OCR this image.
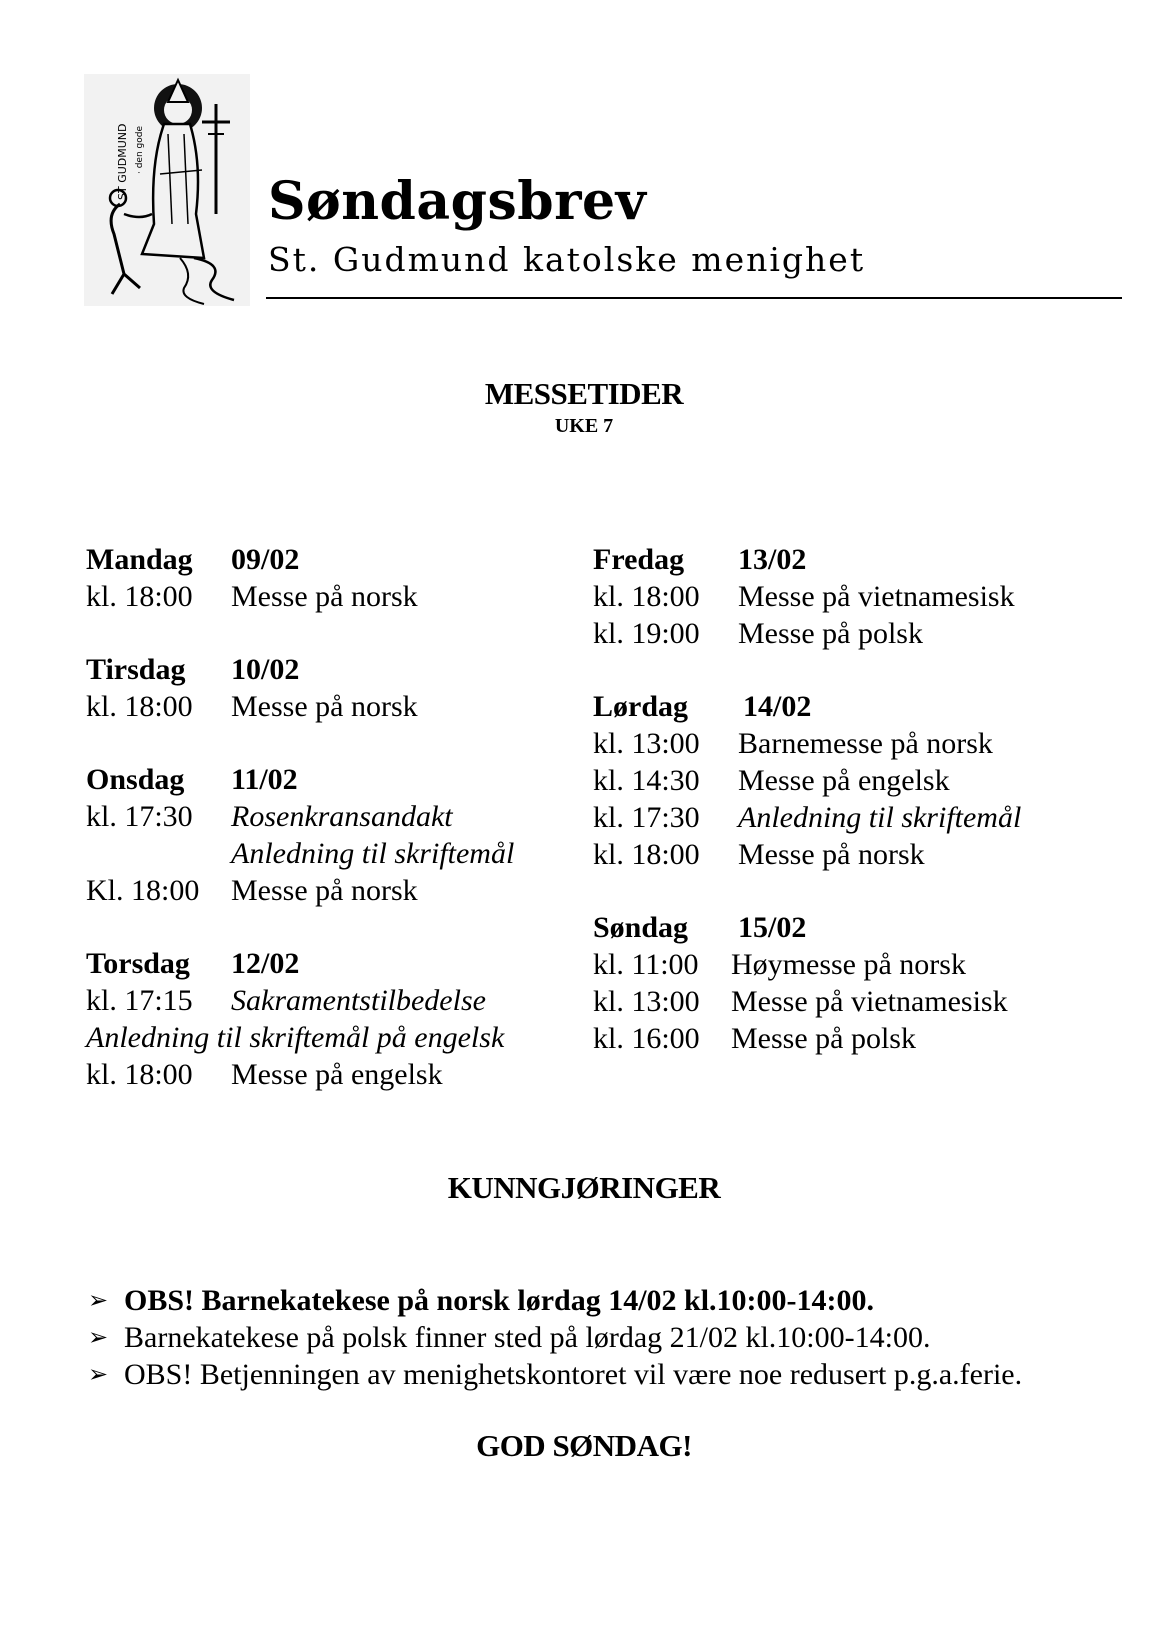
ST GUDMUND · den gode
Søndagsbrev
St. Gudmund katolske menighet
MESSETIDER
UKE 7
Mandag 09/02
kl. 18:00 Messe på norsk
Tirsdag 10/02
kl. 18:00 Messe på norsk
Onsdag 11/02
kl. 17:30 Rosenkransandakt
Anledning til skriftemål
Kl. 18:00 Messe på norsk
Torsdag 12/02
kl. 17:15 Sakramentstilbedelse
Anledning til skriftemål på engelsk
kl. 18:00 Messe på engelsk
Fredag 13/02
kl. 18:00 Messe på vietnamesisk
kl. 19:00 Messe på polsk
Lørdag 14/02
kl. 13:00 Barnemesse på norsk
kl. 14:30 Messe på engelsk
kl. 17:30 Anledning til skriftemål
kl. 18:00 Messe på norsk
Søndag 15/02
kl. 11:00 Høymesse på norsk
kl. 13:00 Messe på vietnamesisk
kl. 16:00 Messe på polsk
KUNNGJØRINGER
➢ OBS! Barnekatekese på norsk lørdag 14/02 kl.10:00-14:00.
➢ Barnekatekese på polsk finner sted på lørdag 21/02 kl.10:00-14:00.
➢ OBS! Betjenningen av menighetskontoret vil være noe redusert p.g.a.ferie.
GOD SØNDAG!
